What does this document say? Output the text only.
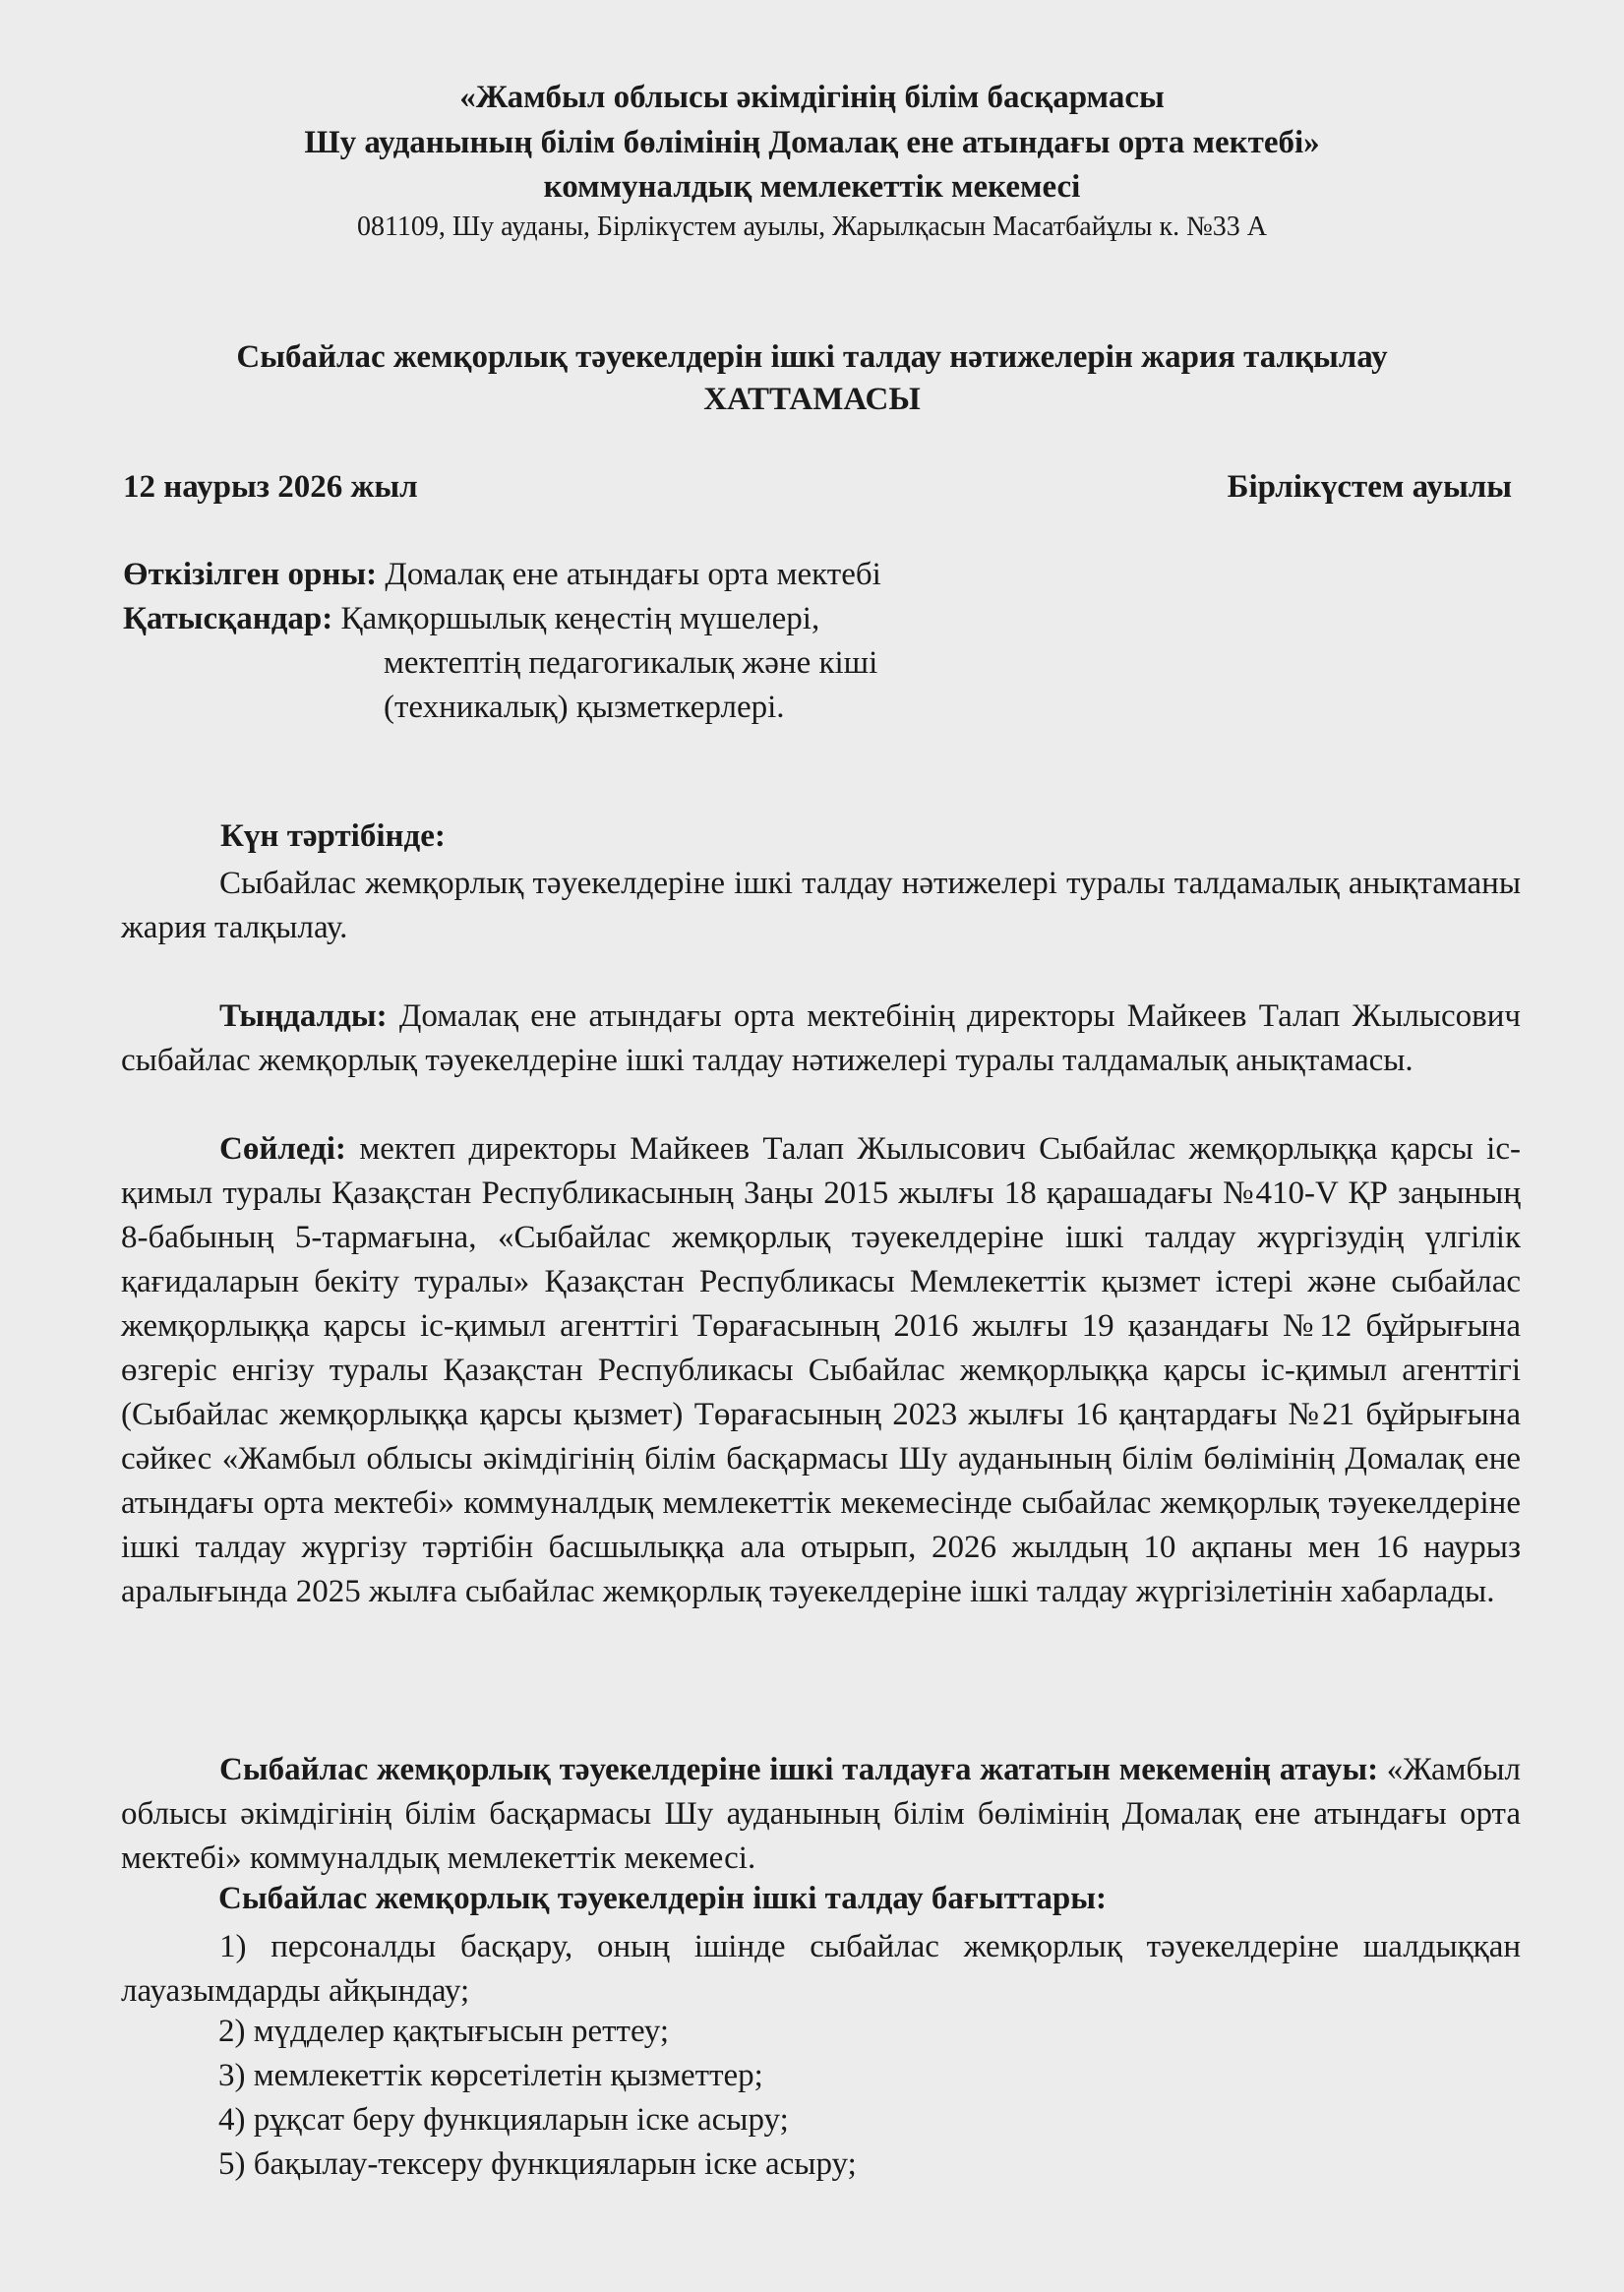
«Жамбыл облысы әкімдігінің білім басқармасы
Шу ауданының білім бөлімінің Домалақ ене атындағы орта мектебі»
коммуналдық мемлекеттік мекемесі
081109, Шу ауданы, Бірлікүстем ауылы, Жарылқасын Масатбайұлы к. №33 А
Сыбайлас жемқорлық тәуекелдерін ішкі талдау нәтижелерін жария талқылау
ХАТТАМАСЫ
12 наурыз 2026 жыл	Бірлікүстем ауылы
Өткізілген орны: Домалақ ене атындағы орта мектебі
Қатысқандар: Қамқоршылық кеңестің мүшелері,
мектептің педагогикалық және кіші
(техникалық) қызметкерлері.
Күн тәртібінде:
Сыбайлас жемқорлық тәуекелдеріне ішкі талдау нәтижелері туралы талдамалық анықтаманы жария талқылау.
Тыңдалды: Домалақ ене атындағы орта мектебінің директоры Майкеев Талап Жылысович сыбайлас жемқорлық тәуекелдеріне ішкі талдау нәтижелері туралы талдамалық анықтамасы.
Сөйледі: мектеп директоры Майкеев Талап Жылысович Сыбайлас жемқорлыққа қарсы іс-қимыл туралы Қазақстан Республикасының Заңы 2015 жылғы 18 қарашадағы №410-V ҚР заңының 8-бабының 5-тармағына, «Сыбайлас жемқорлық тәуекелдеріне ішкі талдау жүргізудің үлгілік қағидаларын бекіту туралы» Қазақстан Республикасы Мемлекеттік қызмет істері және сыбайлас жемқорлыққа қарсы іс-қимыл агенттігі Төрағасының 2016 жылғы 19 қазандағы №12 бұйрығына өзгеріс енгізу туралы Қазақстан Республикасы Сыбайлас жемқорлыққа қарсы іс-қимыл агенттігі (Сыбайлас жемқорлыққа қарсы қызмет) Төрағасының 2023 жылғы 16 қаңтардағы №21 бұйрығына сәйкес «Жамбыл облысы әкімдігінің білім басқармасы Шу ауданының білім бөлімінің Домалақ ене атындағы орта мектебі» коммуналдық мемлекеттік мекемесінде сыбайлас жемқорлық тәуекелдеріне ішкі талдау жүргізу тәртібін басшылыққа ала отырып, 2026 жылдың 10 ақпаны мен 16 наурыз аралығында 2025 жылға сыбайлас жемқорлық тәуекелдеріне ішкі талдау жүргізілетінін хабарлады.
Сыбайлас жемқорлық тәуекелдеріне ішкі талдауға жататын мекеменің атауы: «Жамбыл облысы әкімдігінің білім басқармасы Шу ауданының білім бөлімінің Домалақ ене атындағы орта мектебі» коммуналдық мемлекеттік мекемесі.
Сыбайлас жемқорлық тәуекелдерін ішкі талдау бағыттары:
1) персоналды басқару, оның ішінде сыбайлас жемқорлық тәуекелдеріне шалдыққан лауазымдарды айқындау;
2) мүдделер қақтығысын реттеу;
3) мемлекеттік көрсетілетін қызметтер;
4) рұқсат беру функцияларын іске асыру;
5) бақылау-тексеру функцияларын іске асыру;
